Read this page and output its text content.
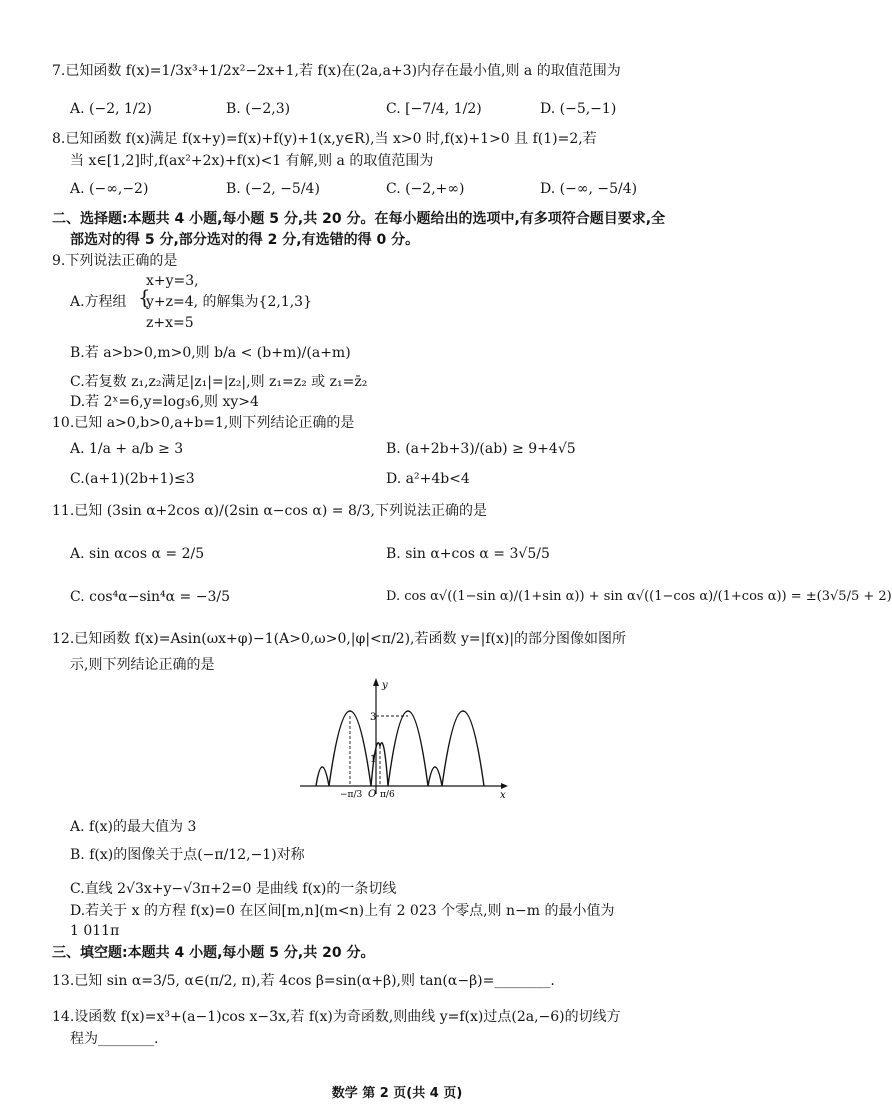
7.已知函数 f(x)=1/3x³+1/2x²−2x+1,若 f(x)在(2a,a+3)内存在最小值,则 a 的取值范围为
A. (−2, 1/2)	B. (−2,3)	C. [−7/4, 1/2)	D. (−5,−1)
8.已知函数 f(x)满足 f(x+y)=f(x)+f(y)+1(x,y∈R),当 x>0 时,f(x)+1>0 且 f(1)=2,若
当 x∈[1,2]时,f(ax²+2x)+f(x)<1 有解,则 a 的取值范围为
A. (−∞,−2)	B. (−2, −5/4)	C. (−2,+∞)	D. (−∞, −5/4)
二、选择题:本题共 4 小题,每小题 5 分,共 20 分。在每小题给出的选项中,有多项符合题目要求,全
部选对的得 5 分,部分选对的得 2 分,有选错的得 0 分。
9.下列说法正确的是
A.方程组 {
x+y=3,
y+z=4, 的解集为{2,1,3}
z+x=5
B.若 a>b>0,m>0,则 b/a < (b+m)/(a+m)
C.若复数 z₁,z₂满足|z₁|=|z₂|,则 z₁=z₂ 或 z₁=z̄₂
D.若 2ˣ=6,y=log₃6,则 xy>4
10.已知 a>0,b>0,a+b=1,则下列结论正确的是
A. 1/a + a/b ≥ 3	B. (a+2b+3)/(ab) ≥ 9+4√5
C.(a+1)(2b+1)≤3	D. a²+4b<4
11.已知 (3sin α+2cos α)/(2sin α−cos α) = 8/3,下列说法正确的是
A. sin αcos α = 2/5	B. sin α+cos α = 3√5/5
C. cos⁴α−sin⁴α = −3/5	D. cos α√((1−sin α)/(1+sin α)) + sin α√((1−cos α)/(1+cos α)) = ±(3√5/5 + 2)
12.已知函数 f(x)=Asin(ωx+φ)−1(A>0,ω>0,|φ|<π/2),若函数 y=|f(x)|的部分图像如图所
示,则下列结论正确的是
y
x
O
3
1
−π/3 π/6
A. f(x)的最大值为 3
B. f(x)的图像关于点(−π/12,−1)对称
C.直线 2√3x+y−√3π+2=0 是曲线 f(x)的一条切线
D.若关于 x 的方程 f(x)=0 在区间[m,n](m<n)上有 2 023 个零点,则 n−m 的最小值为
1 011π
三、填空题:本题共 4 小题,每小题 5 分,共 20 分。
13.已知 sin α=3/5, α∈(π/2, π),若 4cos β=sin(α+β),则 tan(α−β)=________.
14.设函数 f(x)=x³+(a−1)cos x−3x,若 f(x)为奇函数,则曲线 y=f(x)过点(2a,−6)的切线方
程为________.
数学 第 2 页(共 4 页)
